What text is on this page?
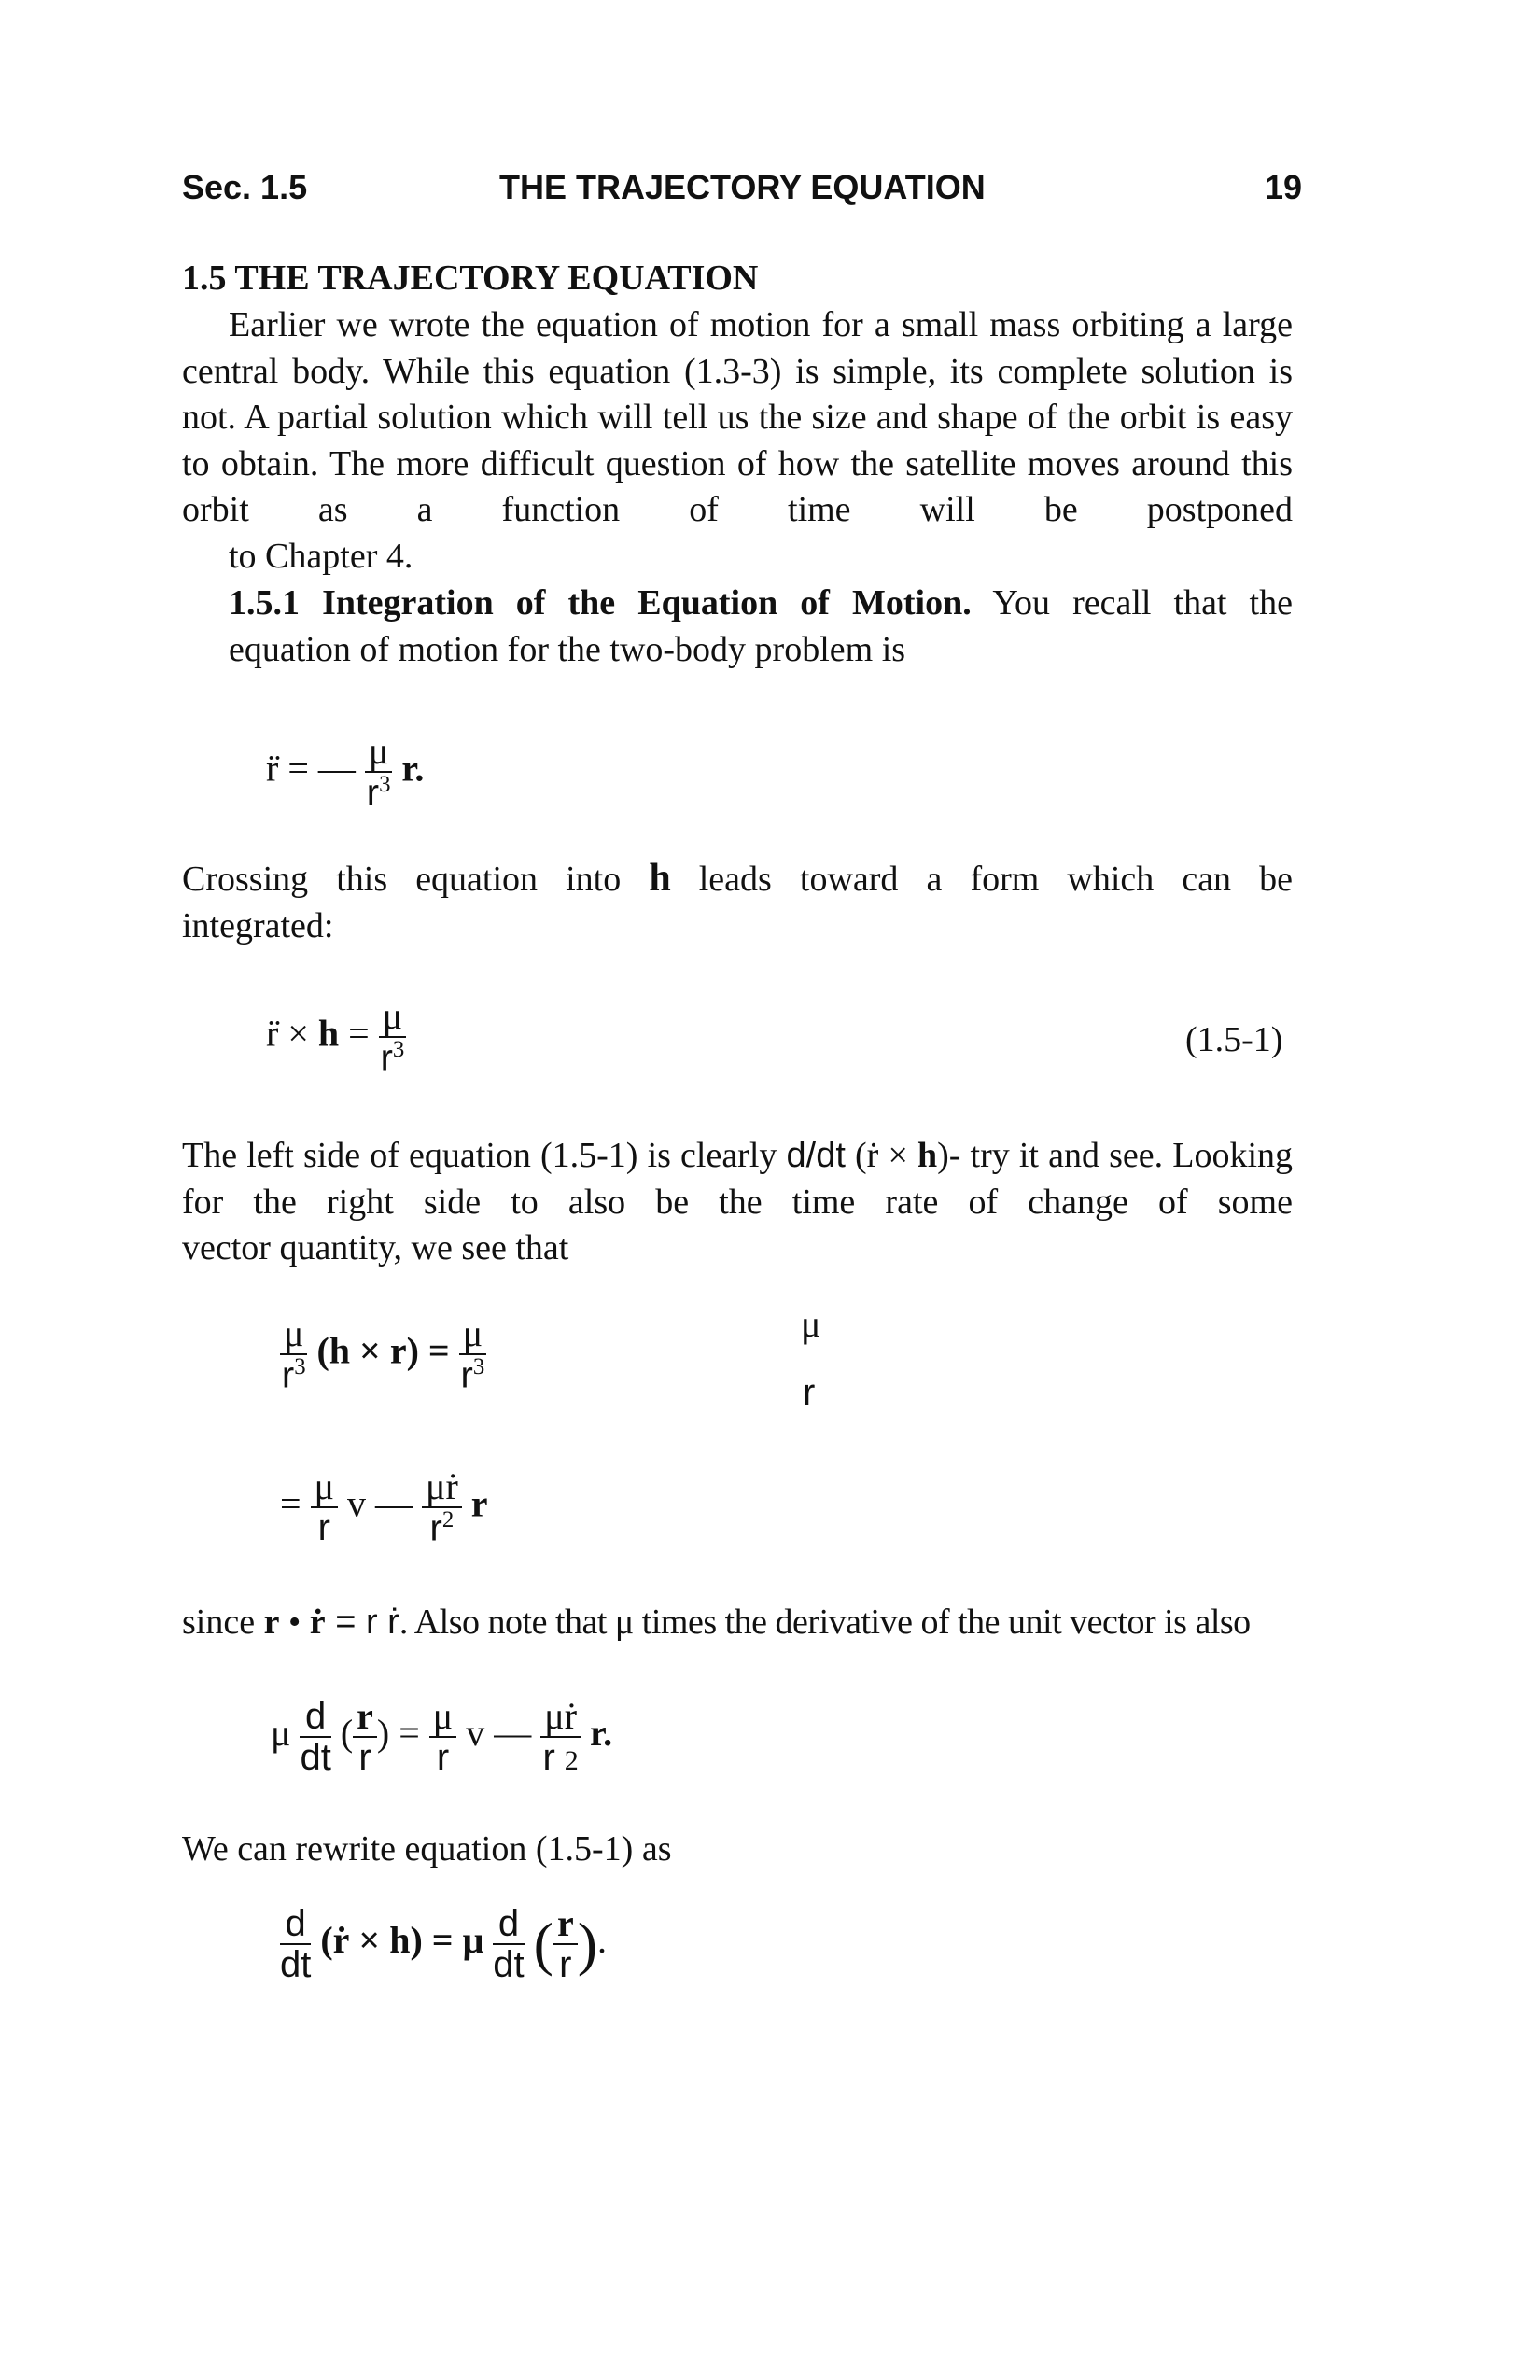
Sec. 1.5	THE TRAJECTORY EQUATION	19
1.5 THE TRAJECTORY EQUATION
Earlier we wrote the equation of motion for a small mass orbiting a large central body. While this equation (1.3-3) is simple, its complete solution is not. A partial solution which will tell us the size and shape of the orbit is easy to obtain. The more difficult question of how the satellite moves around this orbit as a function of time will be postponed
to Chapter 4.
1.5.1 Integration of the Equation of Motion. You recall that the
equation of motion for the two-body problem is
r̈ = — $\frac{\mu}{r^3} r$.
Crossing this equation into h leads toward a form which can be
integrated:
r̈ × $h = \frac{\mu}{r^3}$	(1.5-1)
The left side of equation (1.5-1) is clearly d/dt (ṙ × h)- try it and see. Looking for the right side to also be the time rate of change of some
vector quantity, we see that
$\frac{\mu}{r^3} (h \times r) = \frac{\mu}{r^3}$	μ
r
= $\frac{\mu}{r}$ v — $\frac{\text{μṙ}}{r^2}$ r
since r • ṙ = r ṙ. Also note that μ times the derivative of the unit vector is also
μ $\frac{d}{dt}$ ( $\frac{r}{r}$ ) = $\frac{\mu}{r}$ v — $\frac{\text{μṙ}}{r 2} r$.
We can rewrite equation (1.5-1) as
$\frac{d}{dt}$ (ṙ × h) = μ $\frac{d}{dt}$ ( $\frac{r}{r}$ ).
